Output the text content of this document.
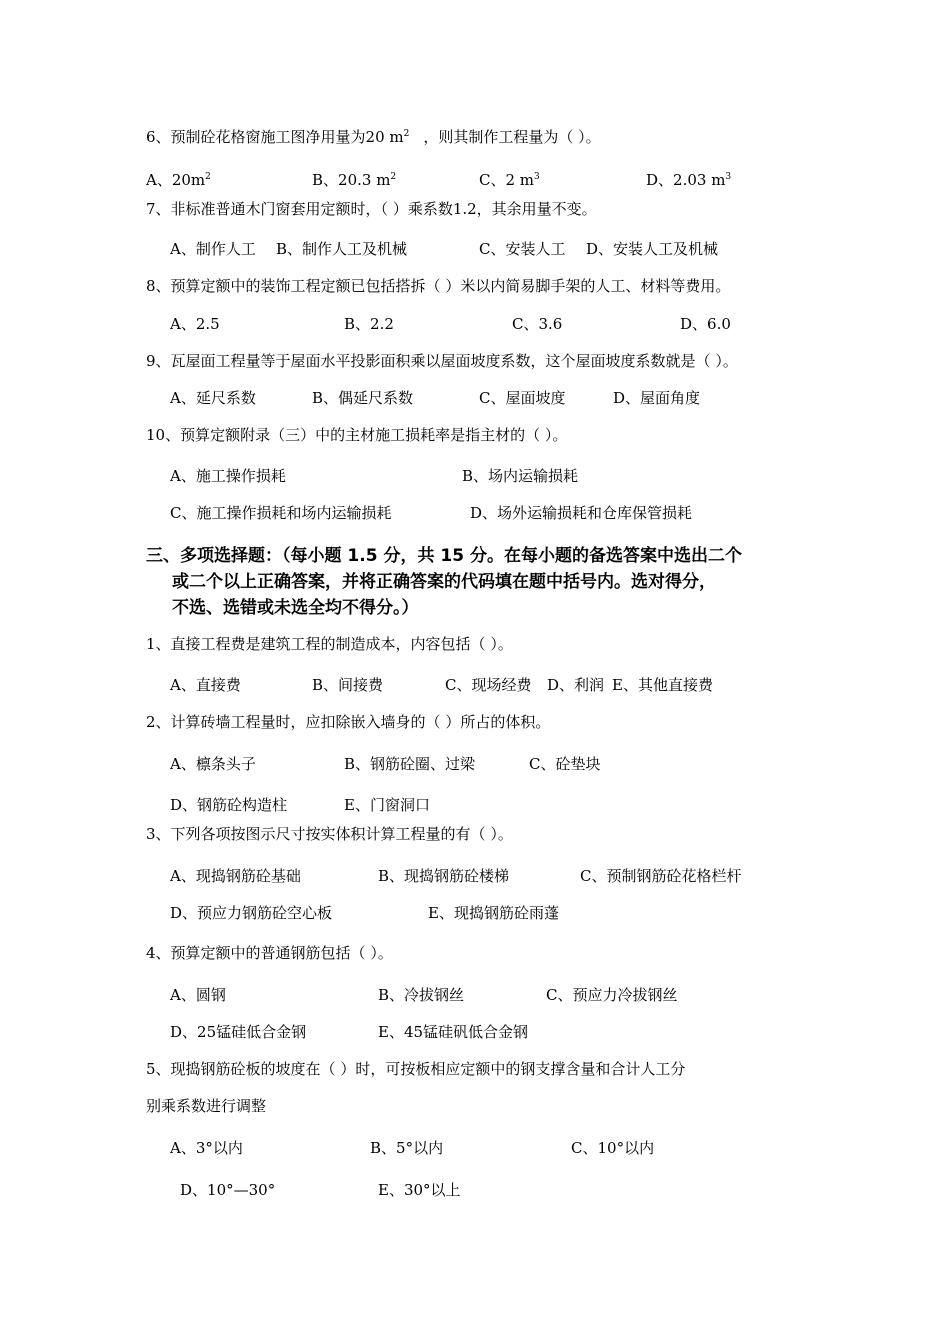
6、预制砼花格窗施工图净用量为20 $m^2$ ，则其制作工程量为（ ）。
A、$20m^2$	B、20.3 $m^2$	C、2 $m^3$	D、2.03 $m^3$
7、非标准普通木门窗套用定额时，（ ）乘系数1.2，其余用量不变。
A、制作人工 B、制作人工及机械	C、安装人工 D、安装人工及机械
8、预算定额中的装饰工程定额已包括搭拆（ ）米以内简易脚手架的人工、材料等费用。
A、2.5	B、2.2	C、3.6	D、6.0
9、瓦屋面工程量等于屋面水平投影面积乘以屋面坡度系数，这个屋面坡度系数就是（ ）。
A、延尺系数	B、偶延尺系数	C、屋面坡度	D、屋面角度
10、预算定额附录（三）中的主材施工损耗率是指主材的（ ）。
A、施工操作损耗	B、场内运输损耗
C、施工操作损耗和场内运输损耗	D、场外运输损耗和仓库保管损耗
三、多项选择题：（每小题 1.5 分，共 15 分。在每小题的备选答案中选出二个
或二个以上正确答案，并将正确答案的代码填在题中括号内。选对得分，
不选、选错或未选全均不得分。）
1、直接工程费是建筑工程的制造成本，内容包括（ ）。
A、直接费	B、间接费	C、现场经费 D、利润 E、其他直接费
2、计算砖墙工程量时，应扣除嵌入墙身的（ ）所占的体积。
A、檩条头子	B、钢筋砼圈、过梁	C、砼垫块
D、钢筋砼构造柱	E、门窗洞口
3、下列各项按图示尺寸按实体积计算工程量的有（ ）。
A、现捣钢筋砼基础	B、现捣钢筋砼楼梯	C、预制钢筋砼花格栏杆
D、预应力钢筋砼空心板	E、现捣钢筋砼雨蓬
4、预算定额中的普通钢筋包括（ ）。
A、圆钢	B、冷拔钢丝	C、预应力冷拔钢丝
D、25锰硅低合金钢	E、45锰硅矾低合金钢
5、现捣钢筋砼板的坡度在（ ）时，可按板相应定额中的钢支撑含量和合计人工分
别乘系数进行调整
A、3°以内	B、5°以内	C、10°以内
D、10°—30°	E、30°以上
